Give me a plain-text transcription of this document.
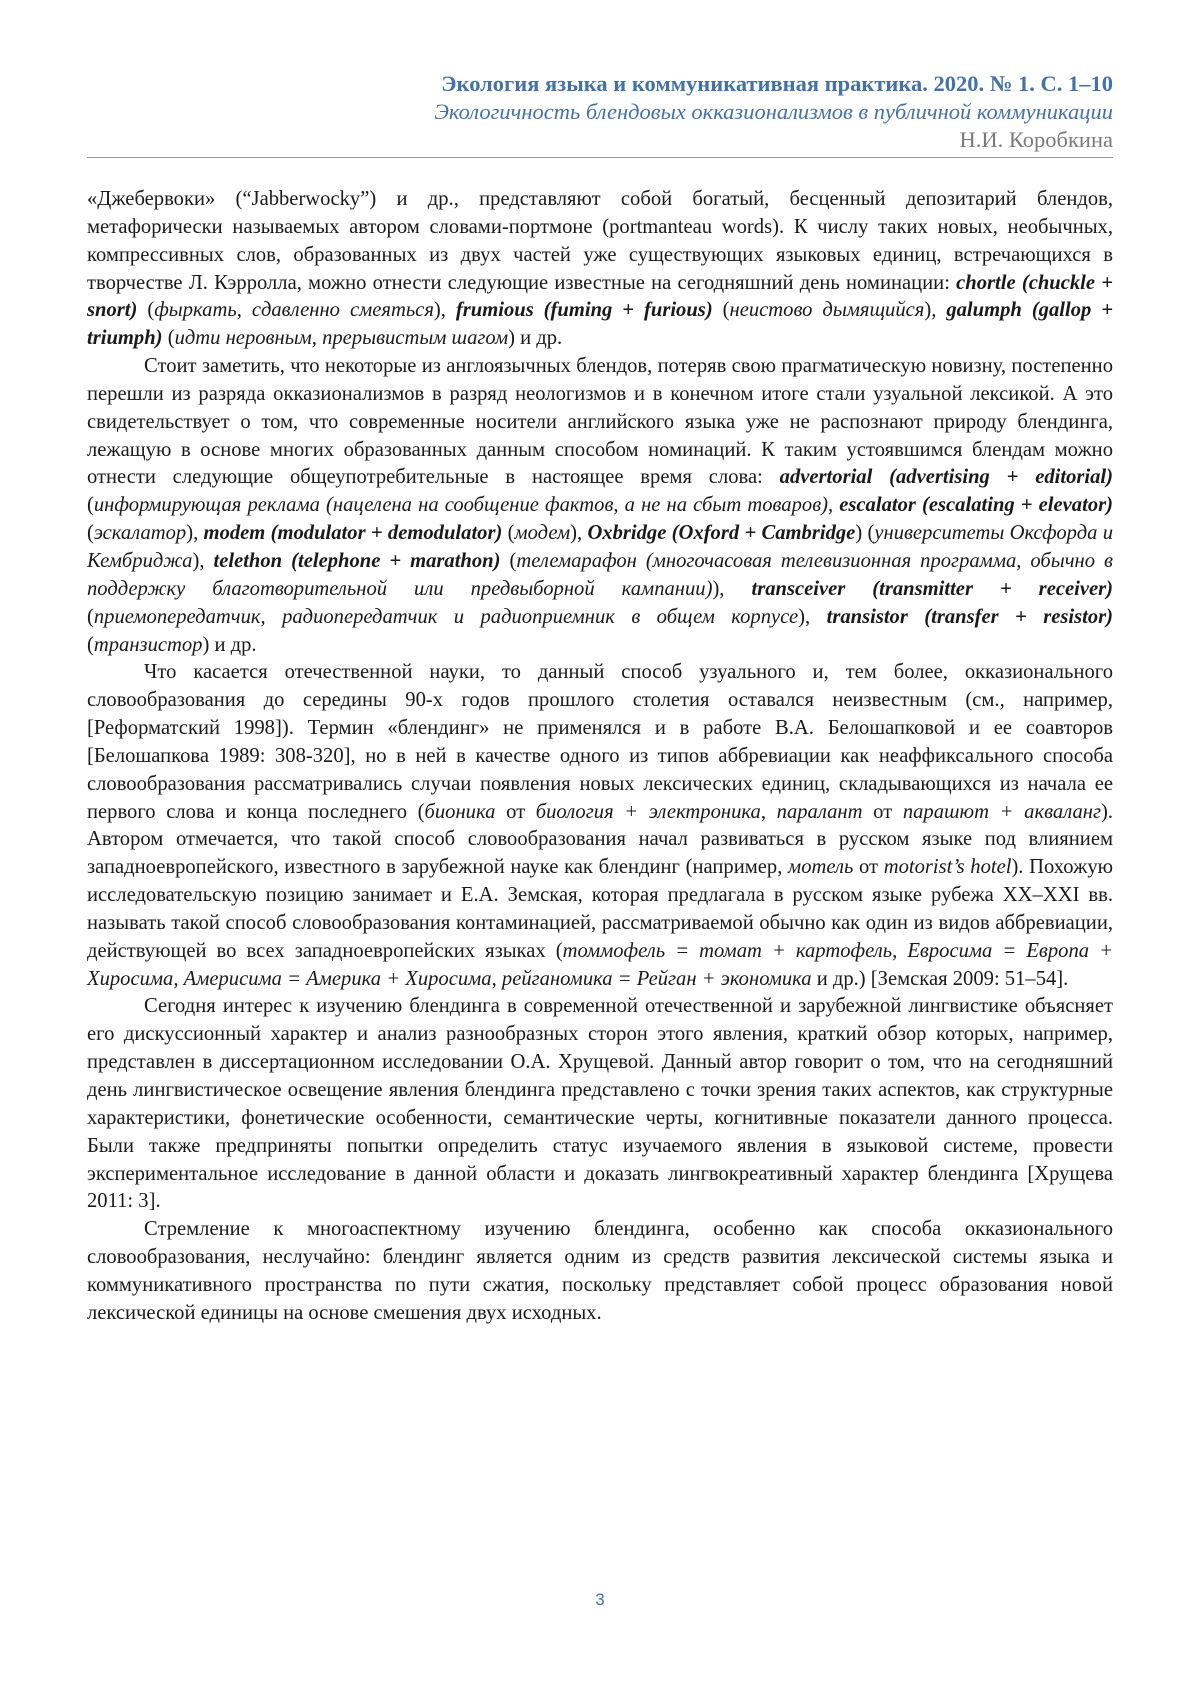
Экология языка и коммуникативная практика. 2020. № 1. С. 1–10
Экологичность блендовых окказионализмов в публичной коммуникации
Н.И. Коробкина

«Джебервоки» (“Jabberwocky”) и др., представляют собой богатый, бесценный депозитарий блендов, метафорически называемых автором словами-портмоне (portmanteau words). К числу таких новых, необычных, компрессивных слов, образованных из двух частей уже существующих языковых единиц, встречающихся в творчестве Л. Кэрролла, можно отнести следующие известные на сегодняшний день номинации: chortle (chuckle + snort) (фыркать, сдавленно смеяться), frumious (fuming + furious) (неистово дымящийся), galumph (gallop + triumph) (идти неровным, прерывистым шагом) и др.

Стоит заметить, что некоторые из англоязычных блендов, потеряв свою прагматическую новизну, постепенно перешли из разряда окказионализмов в разряд неологизмов и в конечном итоге стали узуальной лексикой. А это свидетельствует о том, что современные носители английского языка уже не распознают природу блендинга, лежащую в основе многих образованных данным способом номинаций. К таким устоявшимся блендам можно отнести следующие общеупотребительные в настоящее время слова: advertorial (advertising + editorial) (информирующая реклама (нацелена на сообщение фактов, а не на сбыт товаров), escalator (escalating + elevator) (эскалатор), modem (modulator + demodulator) (модем), Oxbridge (Oxford + Cambridge) (университеты Оксфорда и Кембриджа), telethon (telephone + marathon) (телемарафон (многочасовая телевизионная программа, обычно в поддержку благотворительной или предвыборной кампании)), transceiver (transmitter + receiver) (приемопередатчик, радиопередатчик и радиоприемник в общем корпусе), transistor (transfer + resistor) (транзистор) и др.

Что касается отечественной науки, то данный способ узуального и, тем более, окказионального словообразования до середины 90-х годов прошлого столетия оставался неизвестным (см., например, [Реформатский 1998]). Термин «блендинг» не применялся и в работе В.А. Белошапковой и ее соавторов [Белошапкова 1989: 308-320], но в ней в качестве одного из типов аббревиации как неаффиксального способа словообразования рассматривались случаи появления новых лексических единиц, складывающихся из начала ее первого слова и конца последнего (бионика от биология + электроника, паралант от парашют + акваланг). Автором отмечается, что такой способ словообразования начал развиваться в русском языке под влиянием западноевропейского, известного в зарубежной науке как блендинг (например, мотель от motorist’s hotel). Похожую исследовательскую позицию занимает и Е.А. Земская, которая предлагала в русском языке рубежа XX–XXI вв. называть такой способ словообразования контаминацией, рассматриваемой обычно как один из видов аббревиации, действующей во всех западноевропейских языках (томмофель = томат + картофель, Евросима = Европа + Хиросима, Америсима = Америка + Хиросима, рейганомика = Рейган + экономика и др.) [Земская 2009: 51–54].

Сегодня интерес к изучению блендинга в современной отечественной и зарубежной лингвистике объясняет его дискуссионный характер и анализ разнообразных сторон этого явления, краткий обзор которых, например, представлен в диссертационном исследовании О.А. Хрущевой. Данный автор говорит о том, что на сегодняшний день лингвистическое освещение явления блендинга представлено с точки зрения таких аспектов, как структурные характеристики, фонетические особенности, семантические черты, когнитивные показатели данного процесса. Были также предприняты попытки определить статус изучаемого явления в языковой системе, провести экспериментальное исследование в данной области и доказать лингвокреативный характер блендинга [Хрущева 2011: 3].

Стремление к многоаспектному изучению блендинга, особенно как способа окказионального словообразования, неслучайно: блендинг является одним из средств развития лексической системы языка и коммуникативного пространства по пути сжатия, поскольку представляет собой процесс образования новой лексической единицы на основе смешения двух исходных.

3
